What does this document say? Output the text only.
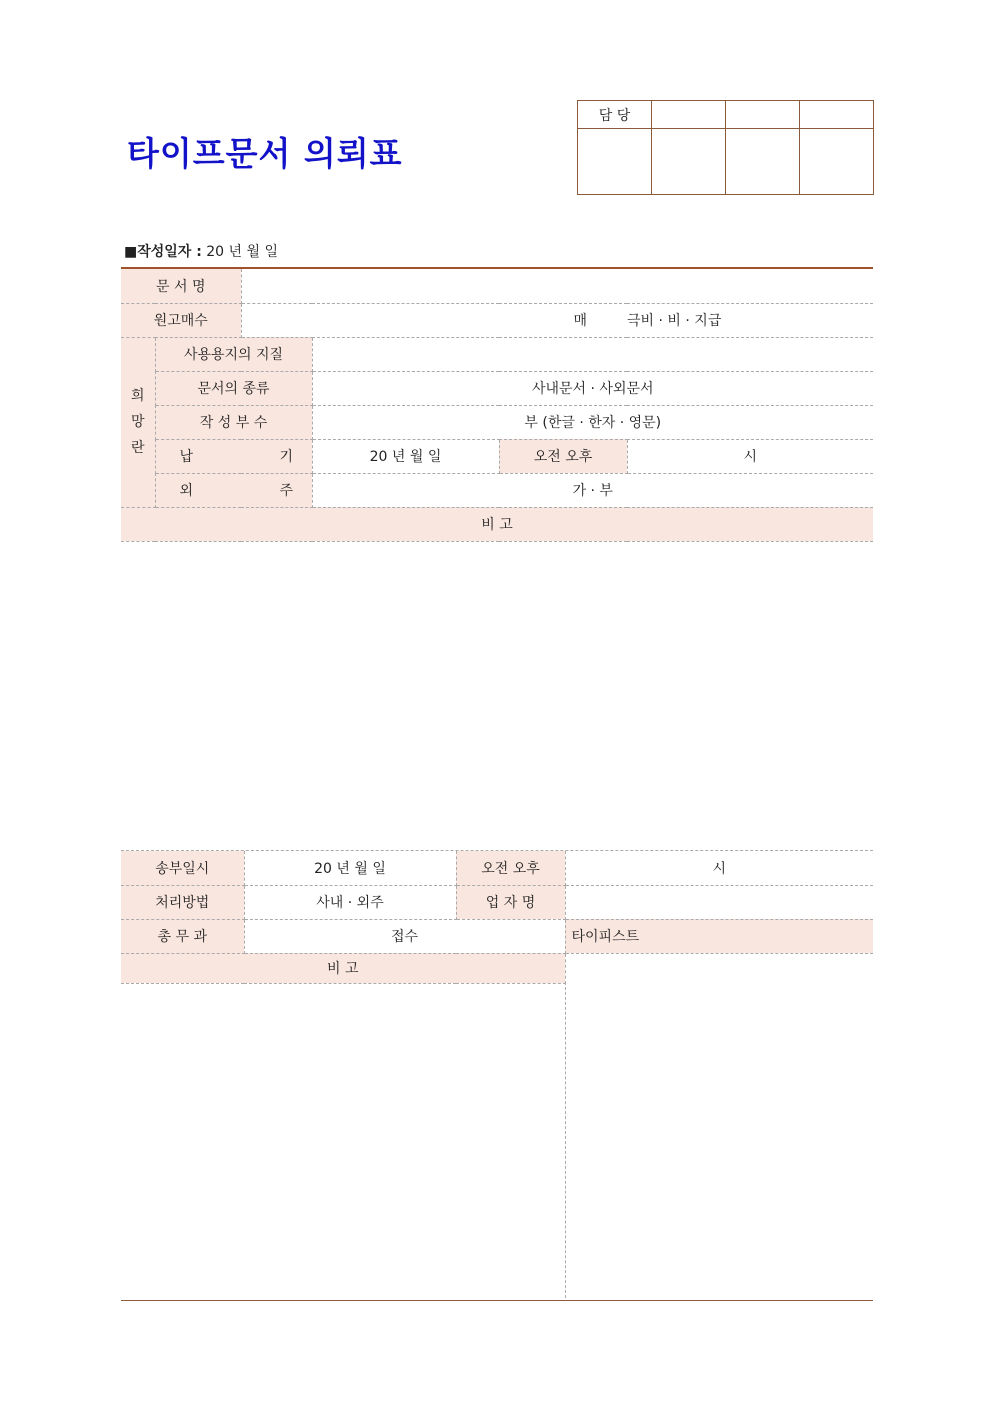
타이프문서 의뢰표
담 당			

■작성일자 : 20 년 월 일
문 서 명					
원고매수		매			극비 · 비 · 지급

희망란	사용용지의 지질				
	문서의 종류		사내문서 · 사외문서		
	작 성 부 수		부 (한글 · 한자 · 영문)		
	납 기		20 년 월 일	오전 오후	시
	외 주		가 · 부		
비 고					
송부일시	20 년 월 일	오전 오후	시
처리방법	사내 · 외주	업 자 명	
총 무 과	접수		타이피스트
비 고			
